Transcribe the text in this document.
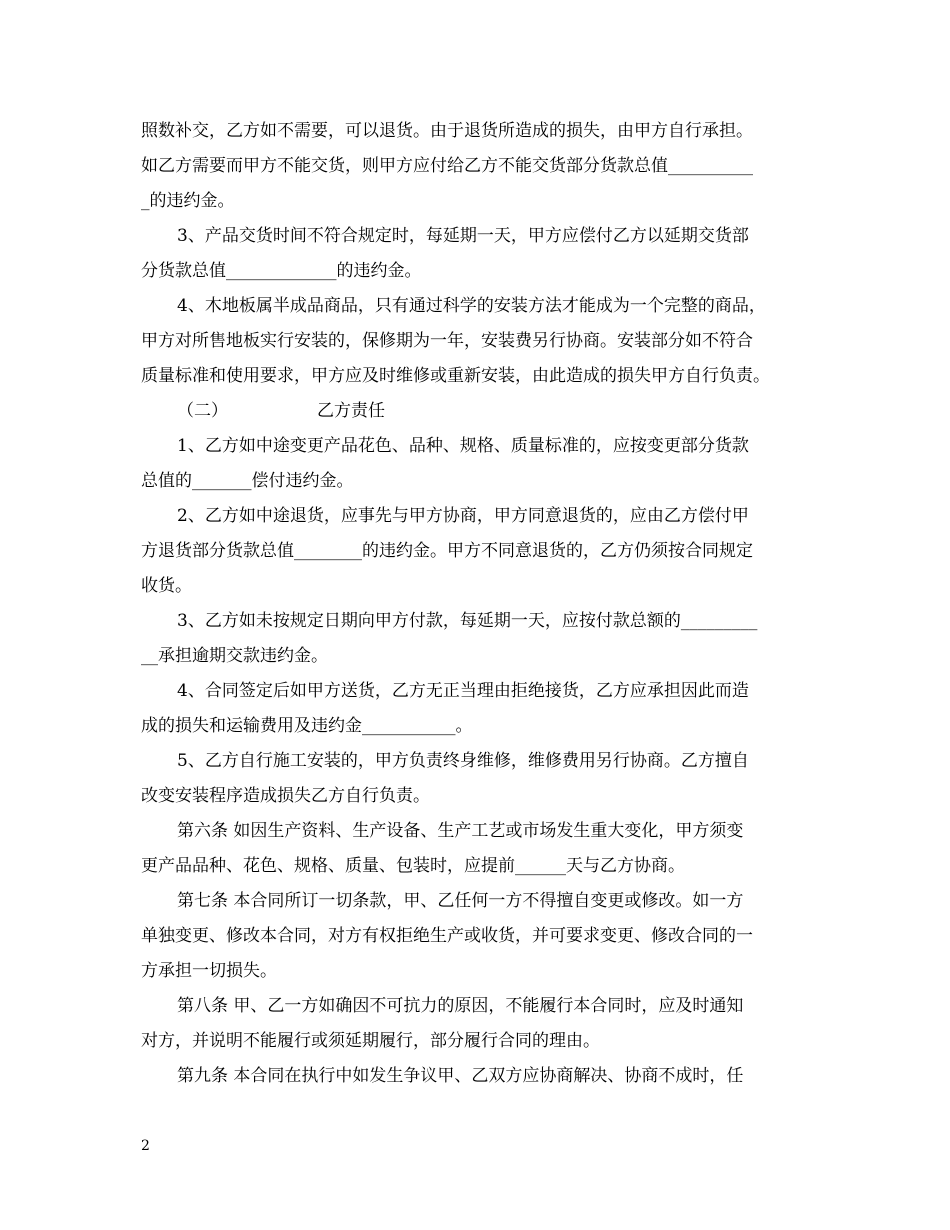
照数补交，乙方如不需要，可以退货。由于退货所造成的损失，由甲方自行承担。
如乙方需要而甲方不能交货，则甲方应付给乙方不能交货部分货款总值__________
_的违约金。
3、产品交货时间不符合规定时，每延期一天，甲方应偿付乙方以延期交货部
分货款总值_____________的违约金。
4、木地板属半成品商品，只有通过科学的安装方法才能成为一个完整的商品，
甲方对所售地板实行安装的，保修期为一年，安装费另行协商。安装部分如不符合
质量标准和使用要求，甲方应及时维修或重新安装，由此造成的损失甲方自行负责。
（二）	乙方责任
1、乙方如中途变更产品花色、品种、规格、质量标准的，应按变更部分货款
总值的_______偿付违约金。
2、乙方如中途退货，应事先与甲方协商，甲方同意退货的，应由乙方偿付甲
方退货部分货款总值________的违约金。甲方不同意退货的，乙方仍须按合同规定
收货。
3、乙方如未按规定日期向甲方付款，每延期一天，应按付款总额的_________
__承担逾期交款违约金。
4、合同签定后如甲方送货，乙方无正当理由拒绝接货，乙方应承担因此而造
成的损失和运输费用及违约金___________。
5、乙方自行施工安装的，甲方负责终身维修，维修费用另行协商。乙方擅自
改变安装程序造成损失乙方自行负责。
第六条 如因生产资料、生产设备、生产工艺或市场发生重大变化，甲方须变
更产品品种、花色、规格、质量、包装时，应提前______天与乙方协商。
第七条 本合同所订一切条款，甲、乙任何一方不得擅自变更或修改。如一方
单独变更、修改本合同，对方有权拒绝生产或收货，并可要求变更、修改合同的一
方承担一切损失。
第八条 甲、乙一方如确因不可抗力的原因，不能履行本合同时，应及时通知
对方，并说明不能履行或须延期履行，部分履行合同的理由。
第九条 本合同在执行中如发生争议甲、乙双方应协商解决、协商不成时，任
2
